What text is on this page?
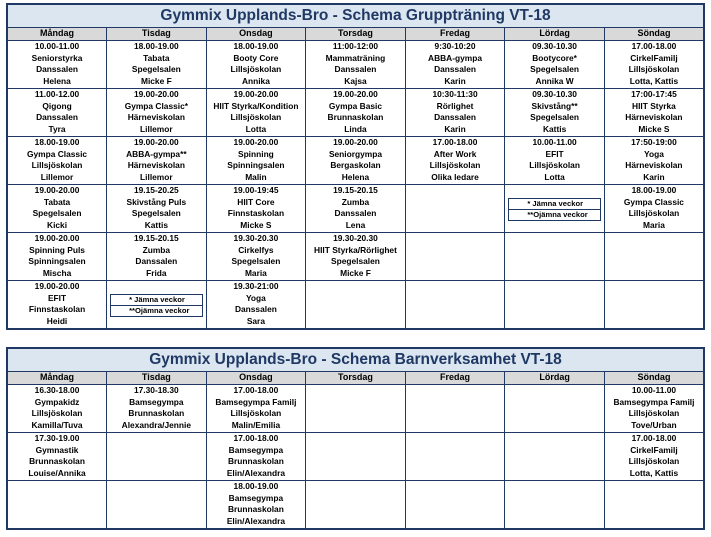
Gymmix Upplands-Bro - Schema Gruppträning VT-18						
Måndag	Tisdag	Onsdag	Torsdag	Fredag	Lördag	Söndag

10.00-11.00
Seniorstyrka
Danssalen
Helena	18.00-19.00
Tabata
Spegelsalen
Micke F	18.00-19.00
Booty Core
Lillsjöskolan
Annika	11:00-12:00
Mammaträning
Danssalen
Kajsa	9:30-10:20
ABBA-gympa
Danssalen
Karin	09.30-10.30
Bootycore*
Spegelsalen
Annika W	17.00-18.00
CirkelFamilj
Lillsjöskolan
Lotta, Kattis

11.00-12.00
Qigong
Danssalen
Tyra	19.00-20.00
Gympa Classic*
Härneviskolan
Lillemor	19.00-20.00
HIIT Styrka/Kondition
Lillsjöskolan
Lotta	19.00-20.00
Gympa Basic
Brunnaskolan
Linda	10:30-11:30
Rörlighet
Danssalen
Karin	09.30-10.30
Skivstång**
Spegelsalen
Kattis	17:00-17:45
HIIT Styrka
Härneviskolan
Micke S

18.00-19.00
Gympa Classic
Lillsjöskolan
Lillemor	19.00-20.00
ABBA-gympa**
Härneviskolan
Lillemor	19.00-20.00
Spinning
Spinningsalen
Malin	19.00-20.00
Seniorgympa
Bergaskolan
Helena	17.00-18.00
After Work
Lillsjöskolan
Olika ledare	10.00-11.00
EFIT
Lillsjöskolan
Lotta	17:50-19:00
Yoga
Härneviskolan
Karin

19.00-20.00
Tabata
Spegelsalen
Kicki	19.15-20.25
Skivstång Puls
Spegelsalen
Kattis	19.00-19:45
HIIT Core
Finnstaskolan
Micke S	19.15-20.15
Zumba
Danssalen
Lena		* Jämna veckor
**Ojämna veckor	18.00-19.00
Gympa Classic
Lillsjöskolan
Maria

19.00-20.00
Spinning Puls
Spinningsalen
Mischa	19.15-20.15
Zumba
Danssalen
Frida	19.30-20.30
Cirkelfys
Spegelsalen
Maria	19.30-20.30
HIIT Styrka/Rörlighet
Spegelsalen
Micke F			

19.00-20.00
EFIT
Finnstaskolan
Heidi	* Jämna veckor
**Ojämna veckor	19.30-21:00
Yoga
Danssalen
Sara				

Gymmix Upplands-Bro - Schema Barnverksamhet VT-18						
Måndag	Tisdag	Onsdag	Torsdag	Fredag	Lördag	Söndag

16.30-18.00
Gympakidz
Lillsjöskolan
Kamilla/Tuva	17.30-18.30
Bamsegympa
Brunnaskolan
Alexandra/Jennie	17.00-18.00
Bamsegympa Familj
Lillsjöskolan
Malin/Emilia				10.00-11.00
Bamsegympa Familj
Lillsjöskolan
Tove/Urban

17.30-19.00
Gymnastik
Brunnaskolan
Louise/Annika		17.00-18.00
Bamsegympa
Brunnaskolan
Elin/Alexandra				17.00-18.00
CirkelFamilj
Lillsjöskolan
Lotta, Kattis

		18.00-19.00
Bamsegympa
Brunnaskolan
Elin/Alexandra				
